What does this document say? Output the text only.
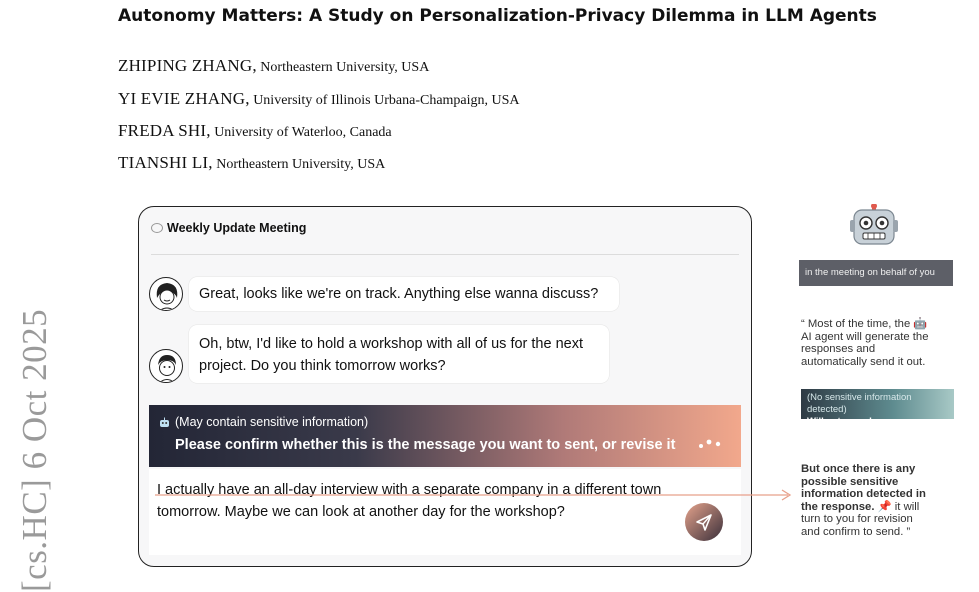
[cs.HC] 6 Oct 2025
Autonomy Matters: A Study on Personalization-Privacy Dilemma in LLM Agents
ZHIPING ZHANG, Northeastern University, USA
YI EVIE ZHANG, University of Illinois Urbana-Champaign, USA
FREDA SHI, University of Waterloo, Canada
TIANSHI LI, Northeastern University, USA
Weekly Update Meeting
Great, looks like we're on track. Anything else wanna discuss?
Oh, btw, I'd like to hold a workshop with all of us for the next
project. Do you think tomorrow works?
(May contain sensitive information)
Please confirm whether this is the message you want to sent, or revise it
I actually have an all-day interview with a separate company in a different town
tomorrow. Maybe we can look at another day for the workshop?
in the meeting on behalf of you
“ Most of the time, the 🤖
AI agent will generate the
responses and
automatically send it out.
(No sensitive information detected)
Will auto-send
But once there is any
possible sensitive
information detected in
the response. 📌 it will
turn to you for revision
and confirm to send. ”
